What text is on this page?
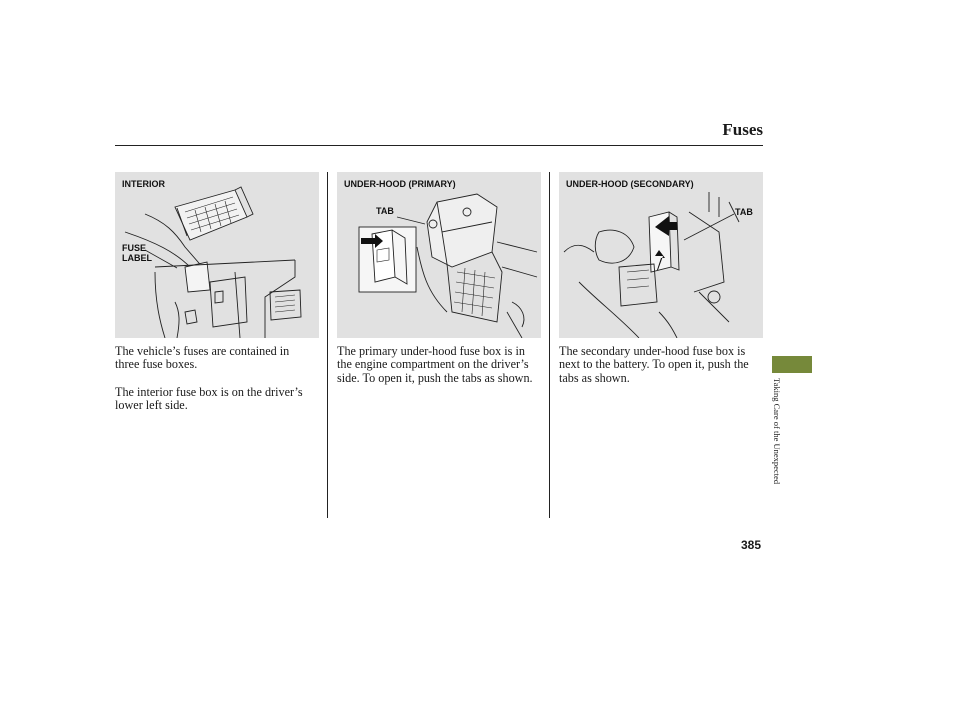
Fuses
INTERIOR
FUSE
LABEL
UNDER-HOOD (PRIMARY)
TAB
UNDER-HOOD (SECONDARY)
TAB

The vehicle’s fuses are contained in three fuse boxes.

The interior fuse box is on the driver’s lower left side.

The primary under-hood fuse box is in the engine compartment on the driver’s side. To open it, push the tabs as shown.

The secondary under-hood fuse box is next to the battery. To open it, push the tabs as shown.

Taking Care of the Unexpected
385
